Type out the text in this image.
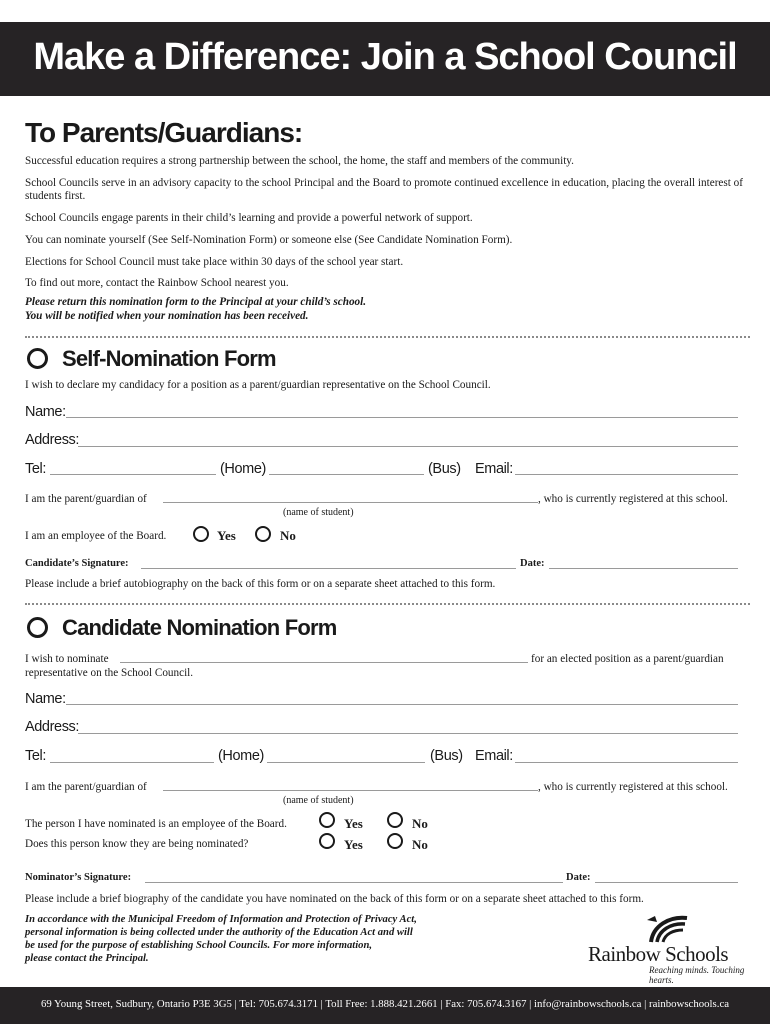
Make a Difference: Join a School Council
To Parents/Guardians:
Successful education requires a strong partnership between the school, the home, the staff and members of the community.
School Councils serve in an advisory capacity to the school Principal and the Board to promote continued excellence in education, placing the overall interest of students first.
School Councils engage parents in their child’s learning and provide a powerful network of support.
You can nominate yourself (See Self-Nomination Form) or someone else (See Candidate Nomination Form).
Elections for School Council must take place within 30 days of the school year start.
To find out more, contact the Rainbow School nearest you.
Please return this nomination form to the Principal at your child’s school.
You will be notified when your nomination has been received.
Self-Nomination Form
I wish to declare my candidacy for a position as a parent/guardian representative on the School Council.
Name:
Address:
Tel:	(Home)	(Bus) Email:
I am the parent/guardian of	, who is currently registered at this school.
(name of student)
I am an employee of the Board.	Yes	No
Candidate’s Signature:	Date:
Please include a brief autobiography on the back of this form or on a separate sheet attached to this form.
Candidate Nomination Form
I wish to nominate	for an elected position as a parent/guardian
representative on the School Council.
Name:
Address:
Tel:	(Home)	(Bus) Email:
I am the parent/guardian of	, who is currently registered at this school.
(name of student)
The person I have nominated is an employee of the Board.	Yes	No
Does this person know they are being nominated?	Yes	No
Nominator’s Signature:	Date:
Please include a brief biography of the candidate you have nominated on the back of this form or on a separate sheet attached to this form.
In accordance with the Municipal Freedom of Information and Protection of Privacy Act,
personal information is being collected under the authority of the Education Act and will
be used for the purpose of establishing School Councils. For more information,
please contact the Principal.	Rainbow Schools
Reaching minds. Touching hearts.
69 Young Street, Sudbury, Ontario P3E 3G5 | Tel: 705.674.3171 | Toll Free: 1.888.421.2661 | Fax: 705.674.3167 | info@rainbowschools.ca | rainbowschools.ca
